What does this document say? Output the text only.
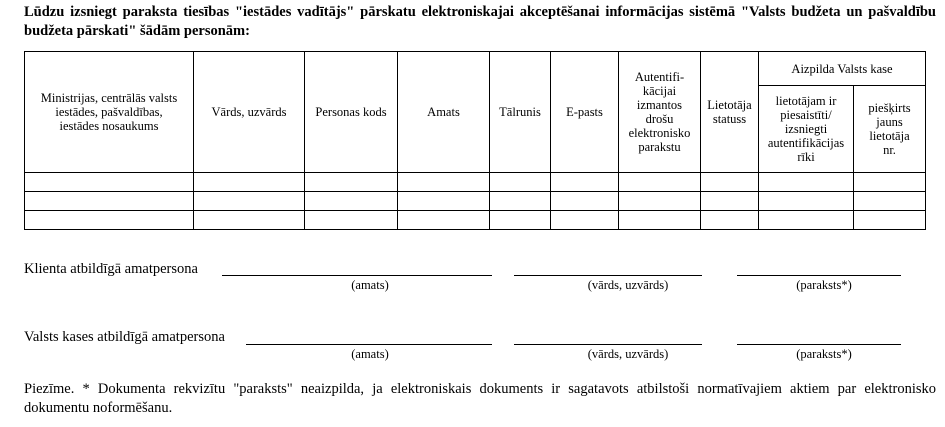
Lūdzu izsniegt paraksta tiesības "iestādes vadītājs" pārskatu elektroniskajai akceptēšanai informācijas sistēmā "Valsts budžeta un pašvaldību budžeta pārskati" šādām personām:
Ministrijas, centrālās valsts iestādes, pašvaldības, iestādes nosaukums	Vārds, uzvārds	Personas kods	Amats	Tālrunis	E-pasts	Autentifi-kācijai izmantos drošu elektronisko parakstu	Lietotāja statuss	Aizpilda Valsts kase	
								lietotājam ir piesaistīti/ izsniegti autentifikācijas rīki	piešķirts jauns lietotāja nr.

Klienta atbildīgā amatpersona
(amats)	(vārds, uzvārds)	(paraksts*)
Valsts kases atbildīgā amatpersona
(amats)	(vārds, uzvārds)	(paraksts*)
Piezīme. * Dokumenta rekvizītu "paraksts" neaizpilda, ja elektroniskais dokuments ir sagatavots atbilstoši normatīvajiem aktiem par elektronisko dokumentu noformēšanu.
